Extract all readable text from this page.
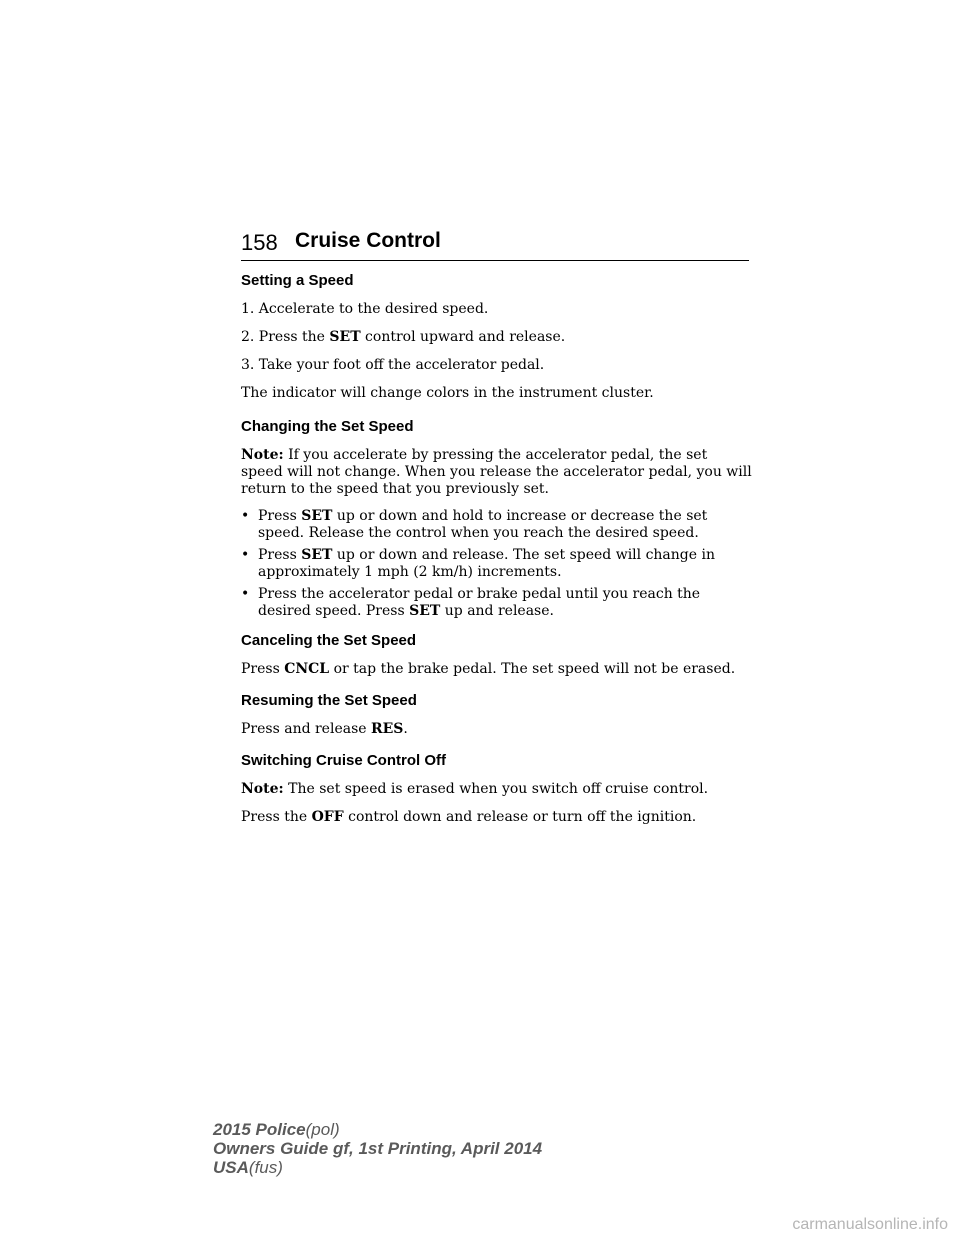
158 Cruise Control

Setting a Speed

1. Accelerate to the desired speed.

2. Press the SET control upward and release.

3. Take your foot off the accelerator pedal.

The indicator will change colors in the instrument cluster.

Changing the Set Speed

Note: If you accelerate by pressing the accelerator pedal, the set speed will not change. When you release the accelerator pedal, you will return to the speed that you previously set.

• Press SET up or down and hold to increase or decrease the set speed. Release the control when you reach the desired speed.
• Press SET up or down and release. The set speed will change in approximately 1 mph (2 km/h) increments.
• Press the accelerator pedal or brake pedal until you reach the desired speed. Press SET up and release.

Canceling the Set Speed

Press CNCL or tap the brake pedal. The set speed will not be erased.

Resuming the Set Speed

Press and release RES.

Switching Cruise Control Off

Note: The set speed is erased when you switch off cruise control.

Press the OFF control down and release or turn off the ignition.

2015 Police(pol)
Owners Guide gf, 1st Printing, April 2014
USA(fus)
carmanualsonline.info
